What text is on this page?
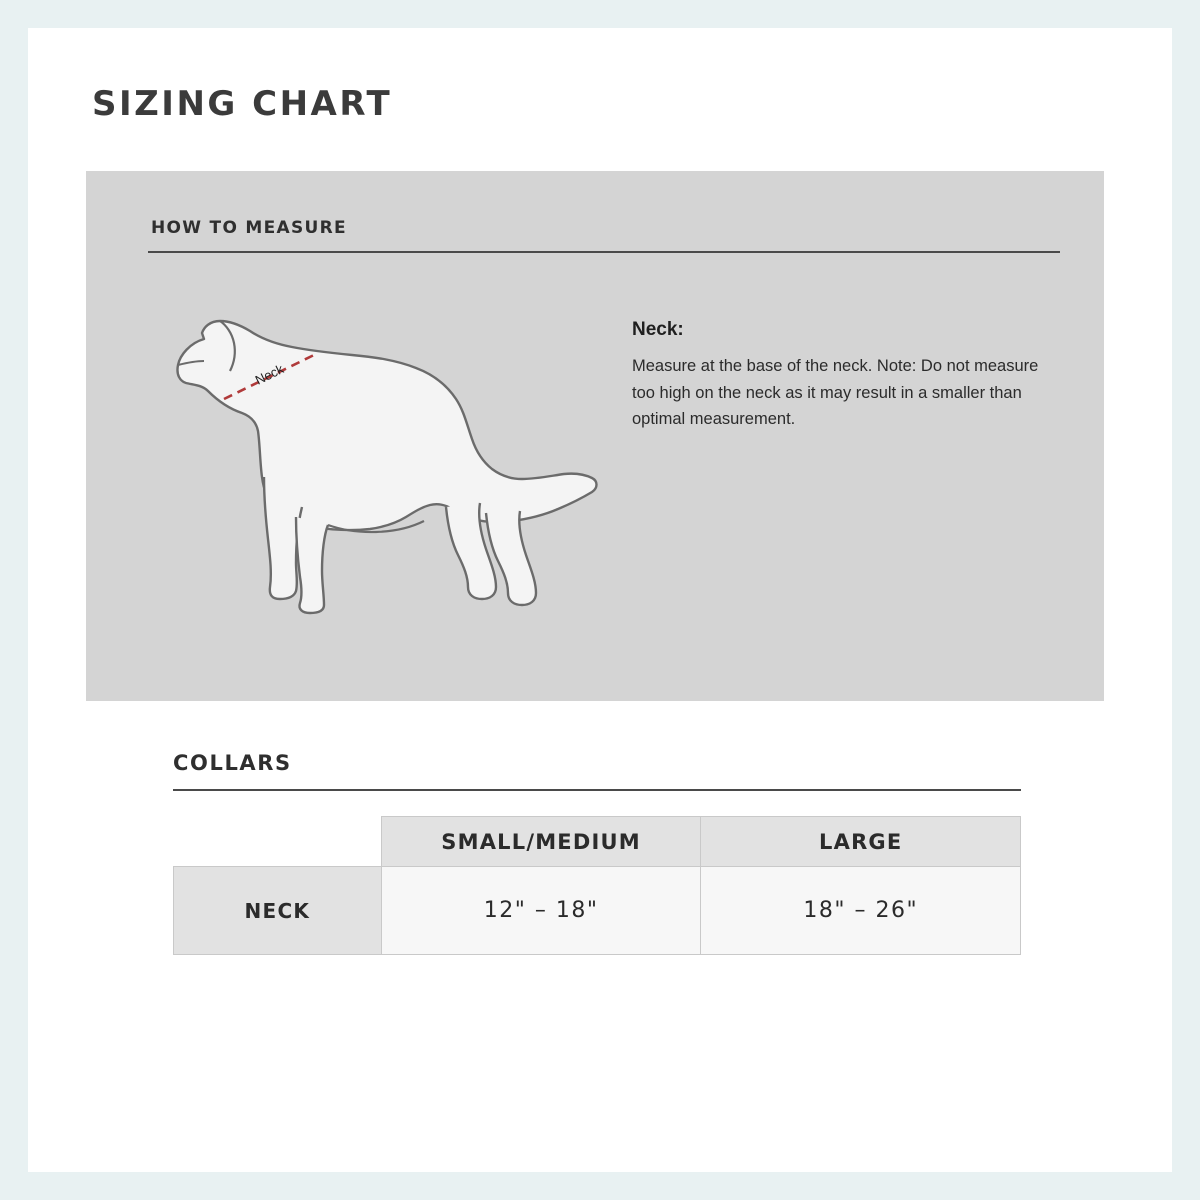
SIZING CHART
HOW TO MEASURE
Neck
Neck:
Measure at the base of the neck. Note: Do not measure too high on the neck as it may result in a smaller than optimal measurement.
COLLARS
	SMALL/MEDIUM	LARGE
NECK	12" – 18"	18" – 26"
